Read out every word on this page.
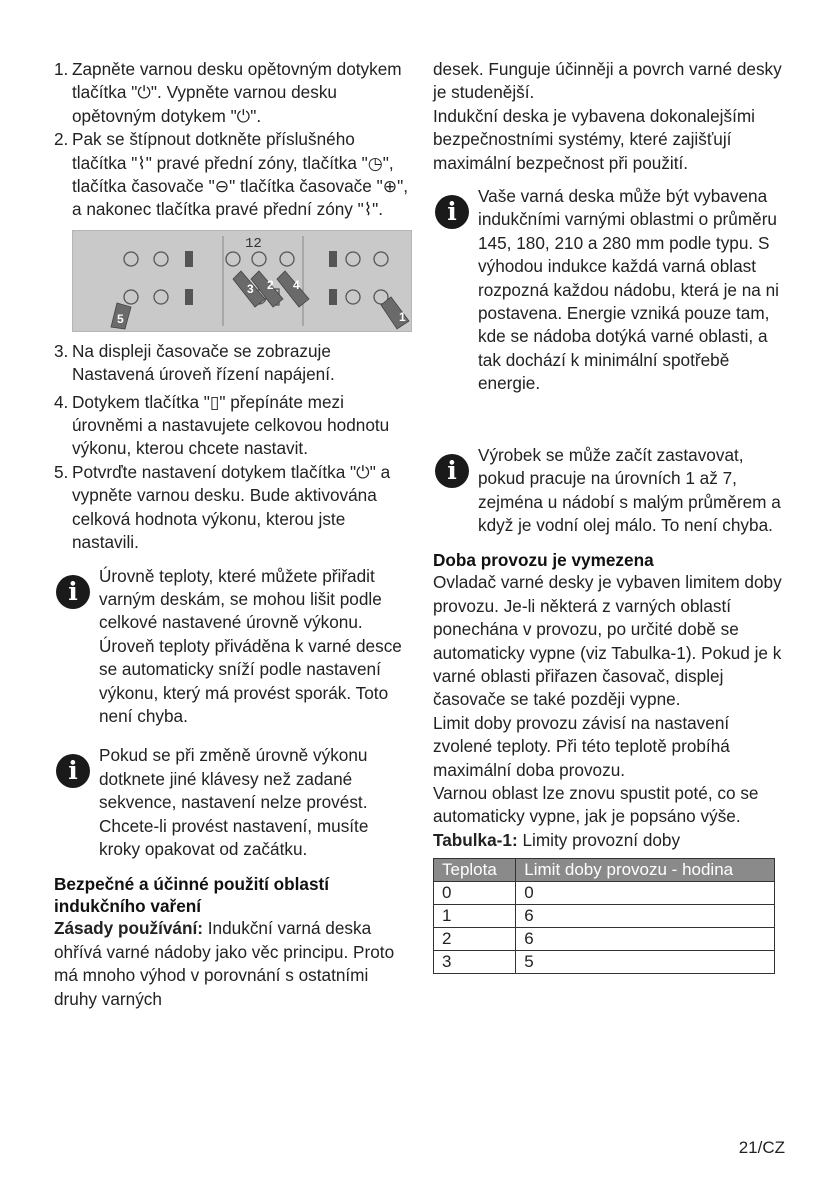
1. Zapněte varnou desku opětovným dotykem tlačítka "⏻". Vypněte varnou desku opětovným dotykem "⏻".
2. Pak se štípnout dotkněte příslušného tlačítka "⌇" pravé přední zóny, tlačítka "◷", tlačítka časovače "⊖" tlačítka časovače "⊕", a nakonec tlačítka pravé přední zóny "⌇".
12
3 2 4
1
5
3. Na displeji časovače se zobrazuje Nastavená úroveň řízení napájení.
4. Dotykem tlačítka "▯" přepínáte mezi úrovněmi a nastavujete celkovou hodnotu výkonu, kterou chcete nastavit.
5. Potvrďte nastavení dotykem tlačítka "⏻" a vypněte varnou desku. Bude aktivována celková hodnota výkonu, kterou jste nastavili.
i

Úrovně teploty, které můžete přiřadit varným deskám, se mohou lišit podle celkové nastavené úrovně výkonu. Úroveň teploty přiváděna k varné desce se automaticky sníží podle nastavení výkonu, který má provést sporák. Toto není chyba.

i

Pokud se při změně úrovně výkonu dotknete jiné klávesy než zadané sekvence, nastavení nelze provést. Chcete-li provést nastavení, musíte kroky opakovat od začátku.

Bezpečné a účinné použití oblastí indukčního vaření

Zásady používání: Indukční varná deska ohřívá varné nádoby jako věc principu. Proto má mnoho výhod v porovnání s ostatními druhy varných

desek. Funguje účinněji a povrch varné desky je studenější.

Indukční deska je vybavena dokonalejšími bezpečnostními systémy, které zajišťují maximální bezpečnost při použití.

i

Vaše varná deska může být vybavena indukčními varnými oblastmi o průměru 145, 180, 210 a 280 mm podle typu. S výhodou indukce každá varná oblast rozpozná každou nádobu, která je na ni postavena. Energie vzniká pouze tam, kde se nádoba dotýká varné oblasti, a tak dochází k minimální spotřebě energie.

i

Výrobek se může začít zastavovat, pokud pracuje na úrovních 1 až 7, zejména u nádobí s malým průměrem a když je vodní olej málo. To není chyba.

Doba provozu je vymezena

Ovladač varné desky je vybaven limitem doby provozu. Je-li některá z varných oblastí ponechána v provozu, po určité době se automaticky vypne (viz Tabulka-1). Pokud je k varné oblasti přiřazen časovač, displej časovače se také později vypne.

Limit doby provozu závisí na nastavení zvolené teploty. Při této teplotě probíhá maximální doba provozu.

Varnou oblast lze znovu spustit poté, co se automaticky vypne, jak je popsáno výše.

Tabulka-1: Limity provozní doby

Teplota	Limit doby provozu - hodina
0	0
1	6
2	6
3	5
21/CZ
